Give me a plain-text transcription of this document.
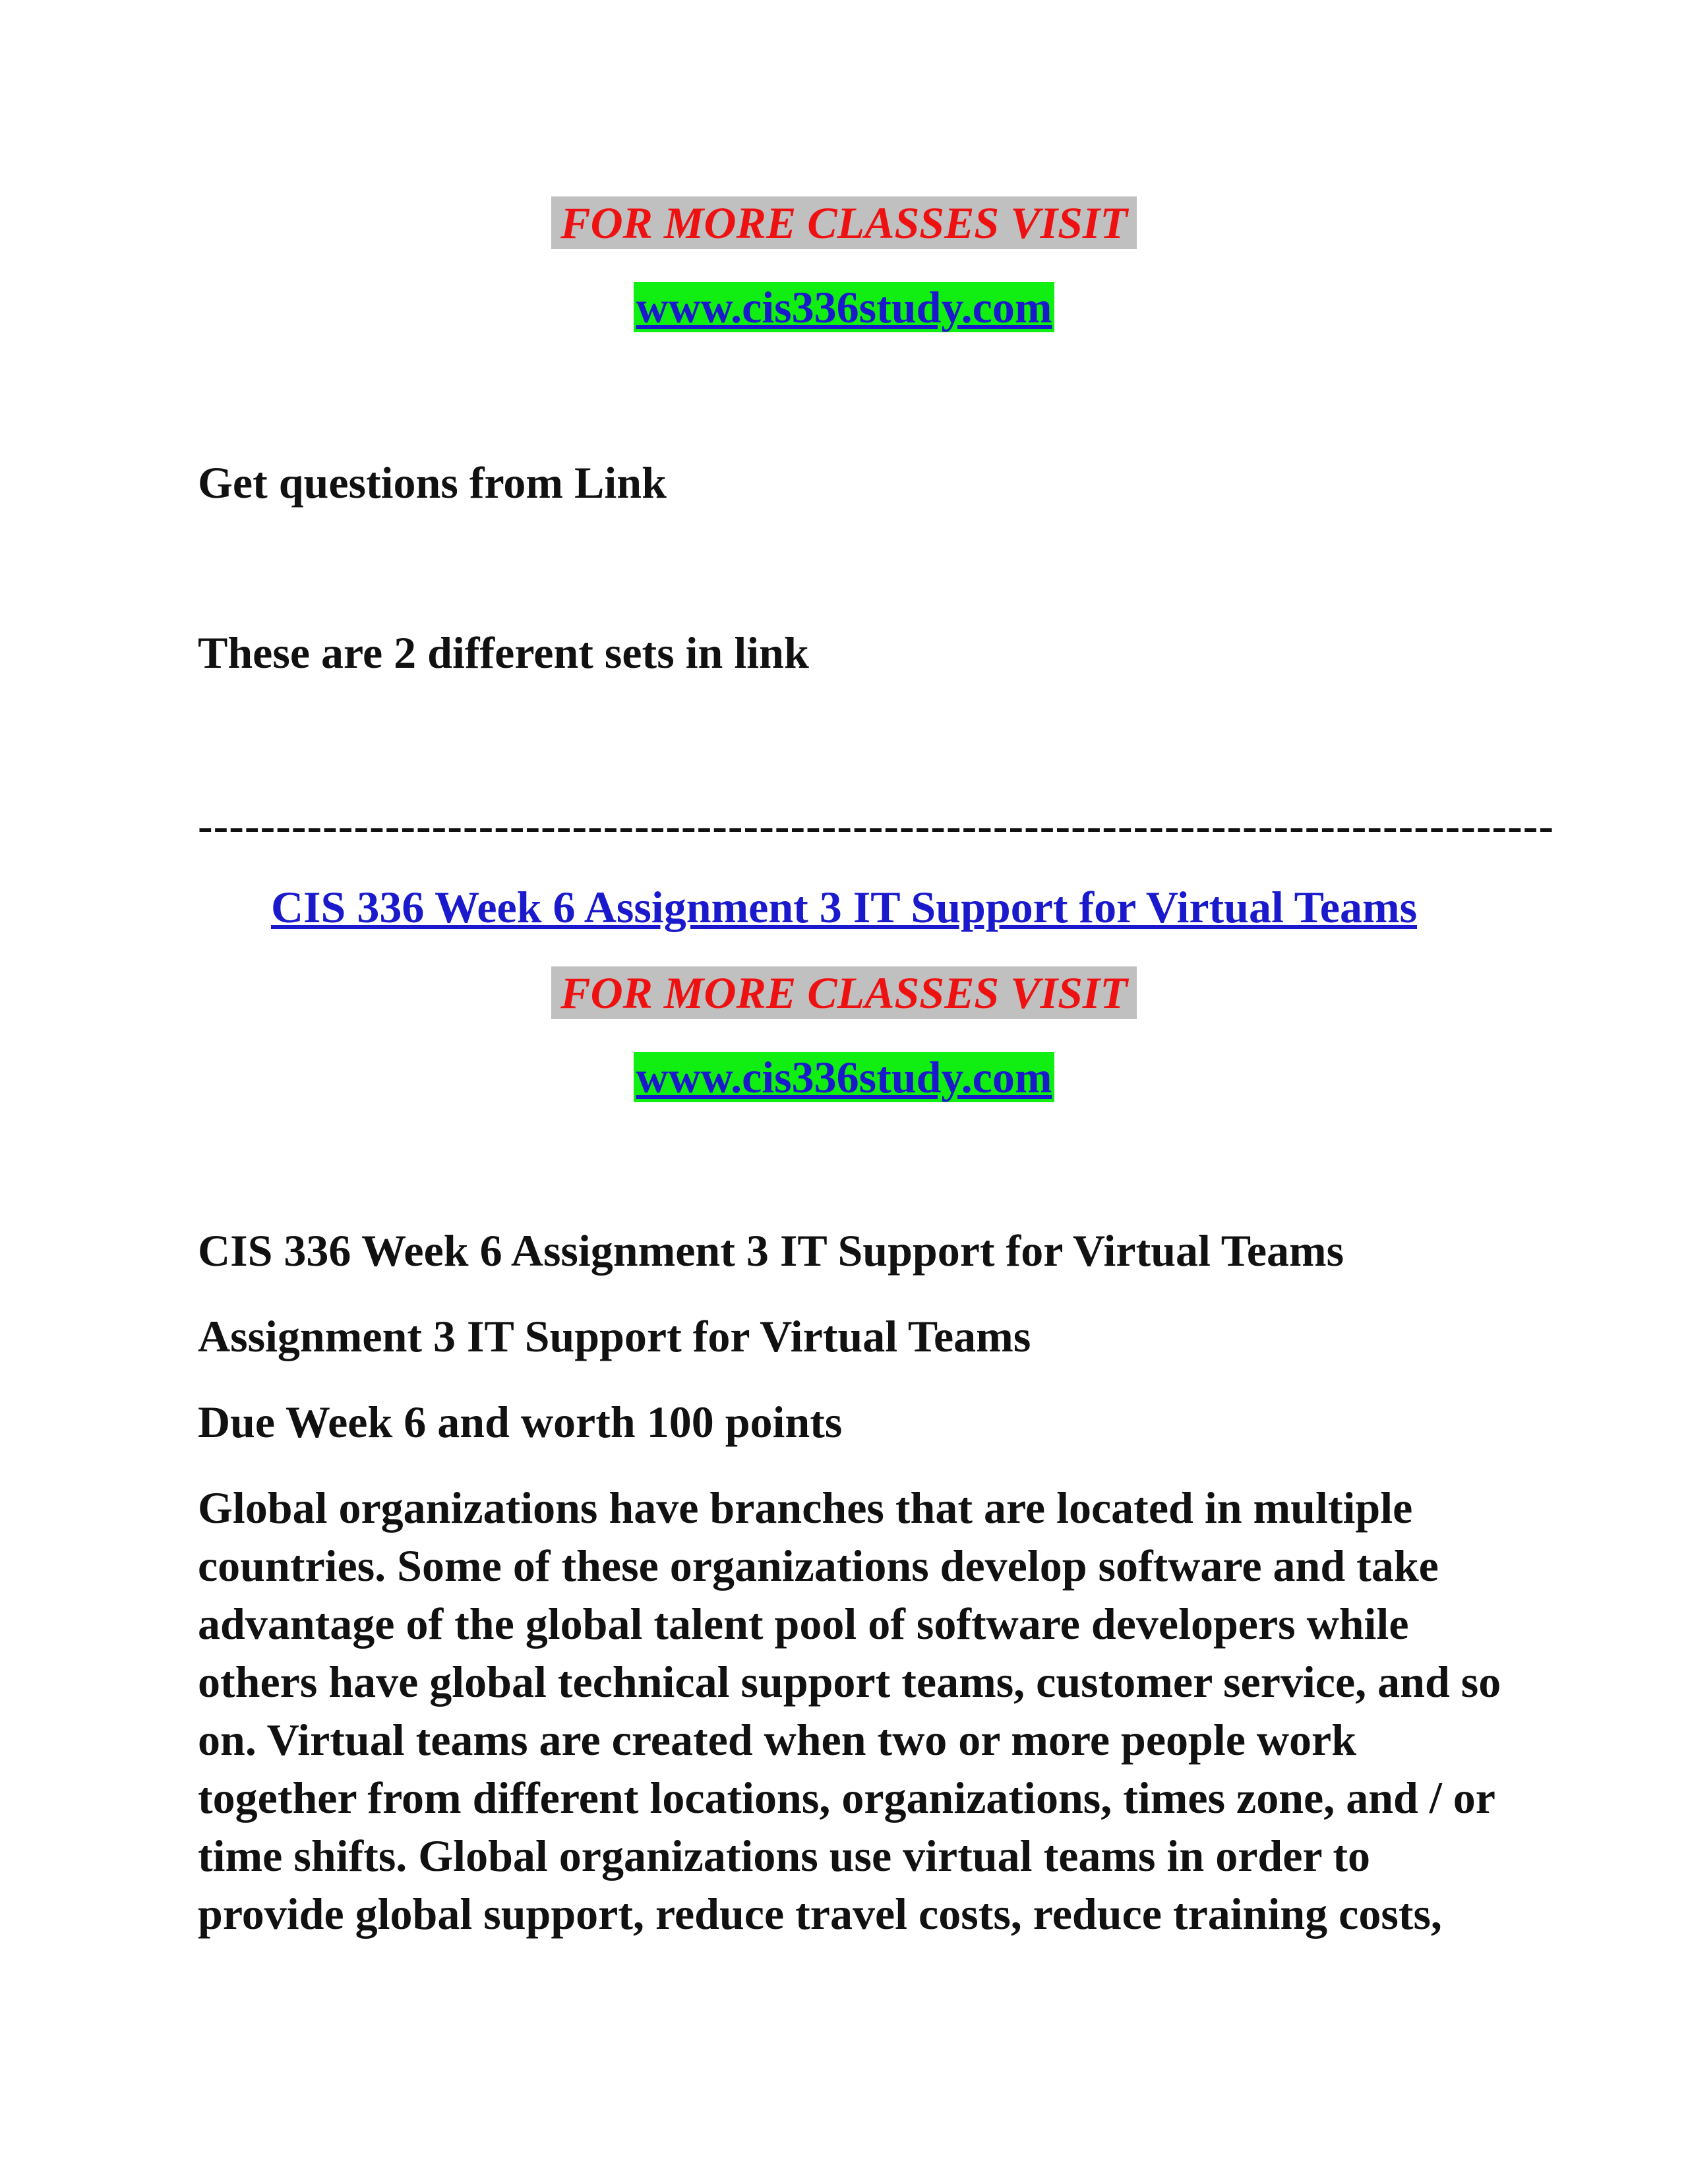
FOR MORE CLASSES VISIT
www.cis336study.com

Get questions from Link

These are 2 different sets in link

---------------------------------------------------------------------------------------

CIS 336 Week 6 Assignment 3 IT Support for Virtual Teams
FOR MORE CLASSES VISIT
www.cis336study.com

CIS 336 Week 6 Assignment 3 IT Support for Virtual Teams

Assignment 3 IT Support for Virtual Teams

Due Week 6 and worth 100 points

Global organizations have branches that are located in multiple
countries. Some of these organizations develop software and take
advantage of the global talent pool of software developers while
others have global technical support teams, customer service, and so
on. Virtual teams are created when two or more people work
together from different locations, organizations, times zone, and / or
time shifts. Global organizations use virtual teams in order to
provide global support, reduce travel costs, reduce training costs,
